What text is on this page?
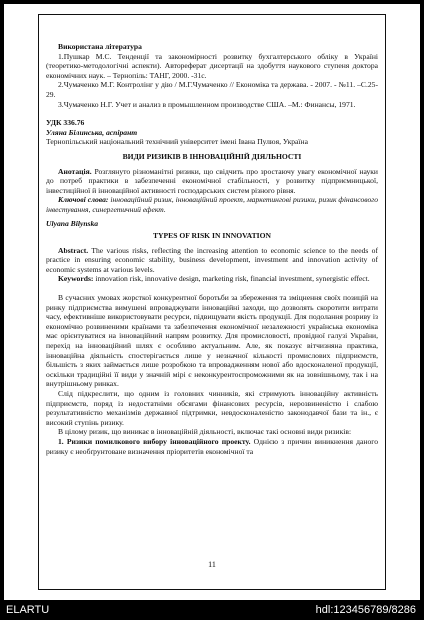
Використана література

1.Пушкар М.С. Тенденції та закономірності розвитку бухгалтерського обліку в Україні (теоретико-методологічні аспекти). Автореферат дисертації на здобуття наукового ступеня доктора економічних наук. – Тернопіль: ТАНГ, 2000. -31с.

2.Чумаченко М.Г. Контролінг у дію / М.Г.Чумаченко // Економіка та держава. - 2007. - №11. –С.25-29.

3.Чумаченко Н.Г. Учет и анализ в промышленном производстве США. –М.: Финансы, 1971.

УДК 336.76

Уляна Білинська, аспірант

Тернопільський національний технічний університет імені Івана Пулюя, Україна

ВИДИ РИЗИКІВ В ІННОВАЦІЙНІЙ ДІЯЛЬНОСТІ

Анотація. Розглянуто різноманітні ризики, що свідчить про зростаючу увагу економічної науки до потреб практики в забезпеченні економічної стабільності, у розвитку підприємницької, інвестиційної й інноваційної активності господарських систем різного рівня.

Ключові слова: інноваційний ризик, інноваційний проект, маркетингові ризики, ризик фінансового інвестування, синергетичний ефект.

Ulyana Bilynska

TYPES OF RISK IN INNOVATION

Abstract. The various risks, reflecting the increasing attention to economic science to the needs of practice in ensuring economic stability, business development, investment and innovation activity of economic systems at various levels.

Keywords: innovation risk, innovative design, marketing risk, financial investment, synergistic effect.

В сучасних умовах жорсткої конкурентної боротьби за збереження та зміцнення своїх позицій на ринку підприємства вимушені впроваджувати інноваційні заходи, що дозволять скоротити витрати часу, ефективніше використовувати ресурси, підвищувати якість продукції. Для подолання розриву із економічно розвиненими країнами та забезпечення економічної незалежності українська економіка має орієнтуватися на інноваційний напрям розвитку. Для промисловості, провідної галузі України, перехід на інноваційний шлях є особливо актуальним. Але, як показує вітчизняна практика, інноваційна діяльність спостерігається лише у незначної кількості промислових підприємств, більшість з яких займається лише розробкою та впровадженням нової або вдосконаленої продукції, оскільки традиційні її види у значній мірі є неконкурентоспроможними як на зовнішньому, так і на внутрішньому ринках.

Слід підкреслити, що одним із головних чинників, які стримують інноваційну активність підприємств, поряд із недостатніми обсягами фінансових ресурсів, нерозвиненістю і слабою результативністю механізмів державної підтримки, невдосконаленістю законодавчої бази та ін., є високий ступінь ризику.

В цілому ризик, що виникає в інноваційній діяльності, включає такі основні види ризиків:

1. Ризики помилкового вибору інноваційного проекту. Однією з причин виникнення даного ризику є необґрунтоване визначення пріоритетів економічної та

11
ELARTU	hdl:123456789/8286
